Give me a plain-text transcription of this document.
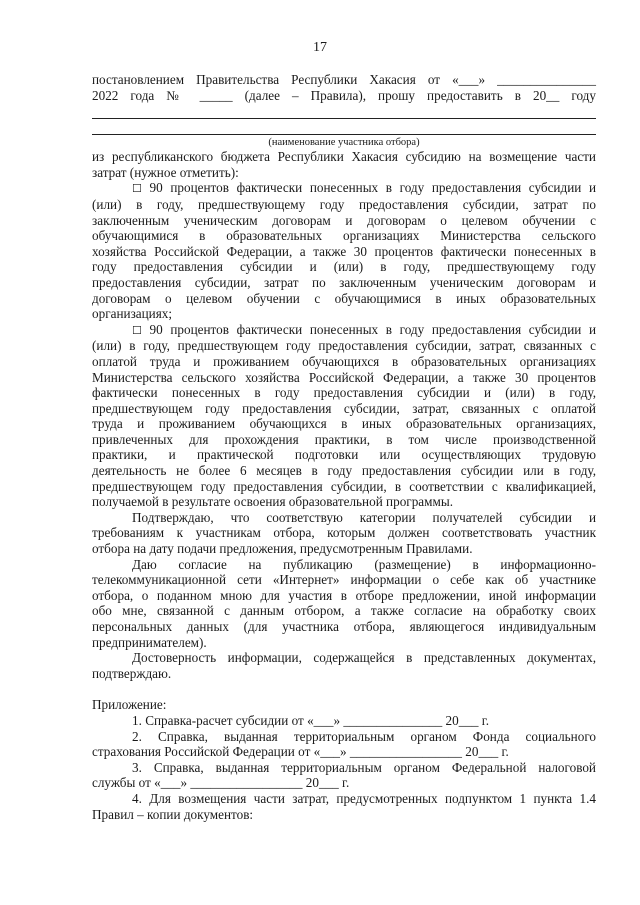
17
постановлением Правительства Республики Хакасия от «___» _______________
2022 года № _____ (далее – Правила), прошу предоставить в 20__ году
(наименование участника отбора)
из республиканского бюджета Республики Хакасия субсидию на возмещение части
затрат (нужное отметить):
☐ 90 процентов фактически понесенных в году предоставления субсидии и
(или) в году, предшествующему году предоставления субсидии, затрат по
заключенным ученическим договорам и договорам о целевом обучении с
обучающимися в образовательных организациях Министерства сельского
хозяйства Российской Федерации, а также 30 процентов фактически понесенных в
году предоставления субсидии и (или) в году, предшествующему году
предоставления субсидии, затрат по заключенным ученическим договорам и
договорам о целевом обучении с обучающимися в иных образовательных
организациях;
☐ 90 процентов фактически понесенных в году предоставления субсидии и
(или) в году, предшествующем году предоставления субсидии, затрат, связанных с
оплатой труда и проживанием обучающихся в образовательных организациях
Министерства сельского хозяйства Российской Федерации, а также 30 процентов
фактически понесенных в году предоставления субсидии и (или) в году,
предшествующем году предоставления субсидии, затрат, связанных с оплатой
труда и проживанием обучающихся в иных образовательных организациях,
привлеченных для прохождения практики, в том числе производственной
практики, и практической подготовки или осуществляющих трудовую
деятельность не более 6 месяцев в году предоставления субсидии или в году,
предшествующем году предоставления субсидии, в соответствии с квалификацией,
получаемой в результате освоения образовательной программы.
Подтверждаю, что соответствую категории получателей субсидии и
требованиям к участникам отбора, которым должен соответствовать участник
отбора на дату подачи предложения, предусмотренным Правилами.
Даю согласие на публикацию (размещение) в информационно-
телекоммуникационной сети «Интернет» информации о себе как об участнике
отбора, о поданном мною для участия в отборе предложении, иной информации
обо мне, связанной с данным отбором, а также согласие на обработку своих
персональных данных (для участника отбора, являющегося индивидуальным
предпринимателем).
Достоверность информации, содержащейся в представленных документах,
подтверждаю.
Приложение:
1. Справка-расчет субсидии от «___» _______________ 20___ г.
2. Справка, выданная территориальным органом Фонда социального
страхования Российской Федерации от «___» _________________ 20___ г.
3. Справка, выданная территориальным органом Федеральной налоговой
службы от «___» _________________ 20___ г.
4. Для возмещения части затрат, предусмотренных подпунктом 1 пункта 1.4
Правил – копии документов:
